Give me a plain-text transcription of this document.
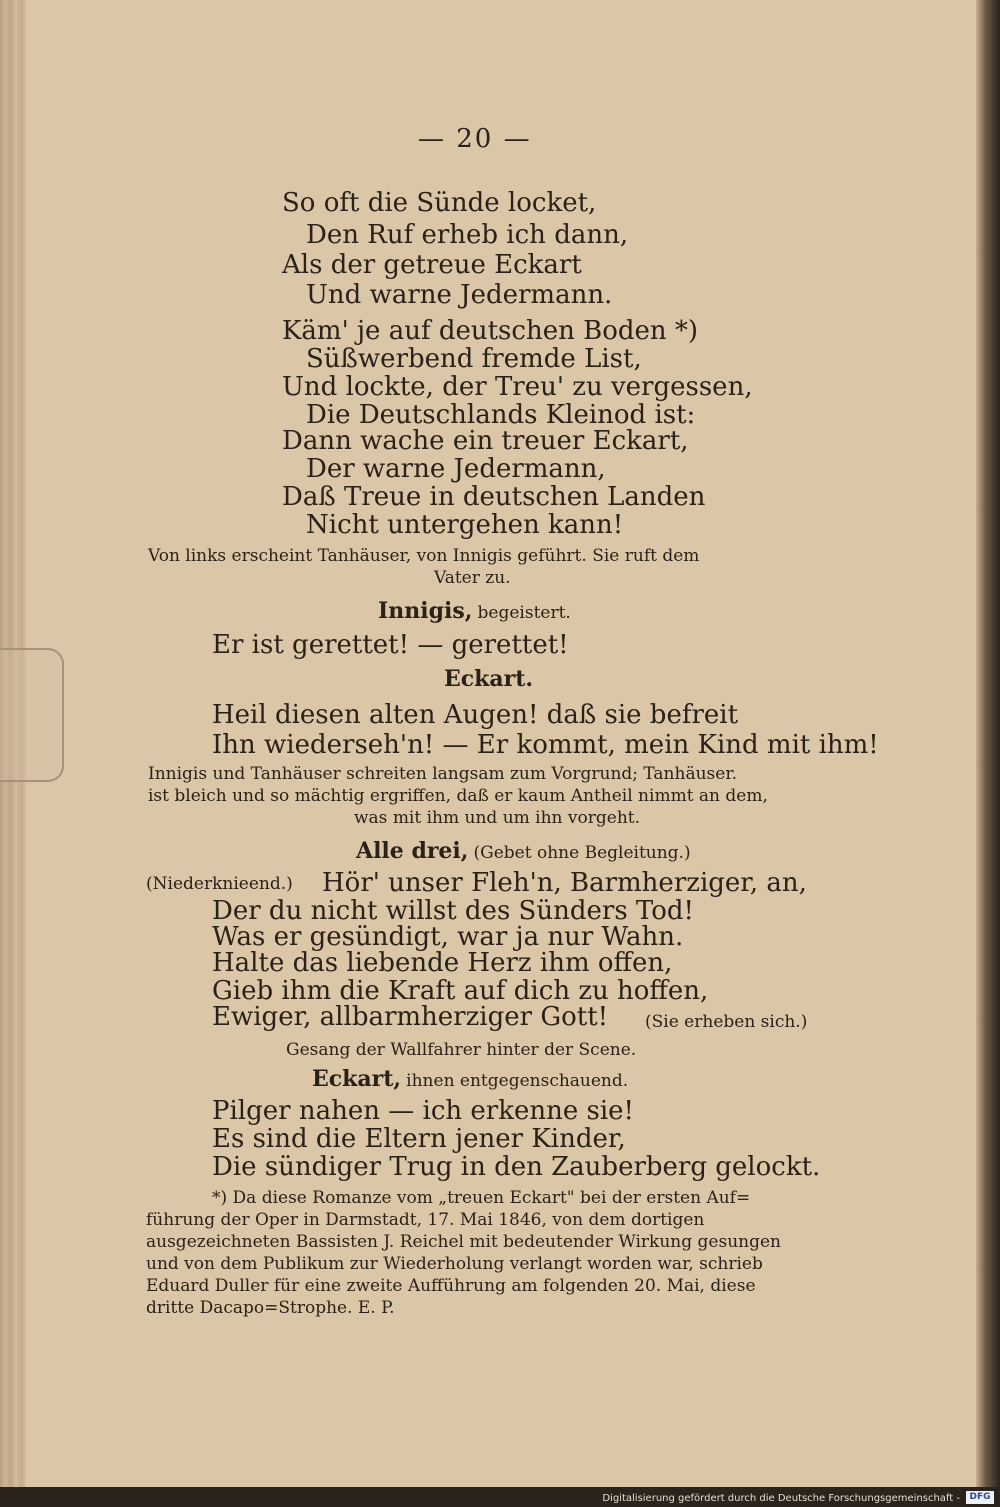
— 20 —
So oft die Sünde locket,
Den Ruf erheb ich dann,
Als der getreue Eckart
Und warne Jedermann.
Käm' je auf deutschen Boden *)
Süßwerbend fremde List,
Und lockte, der Treu' zu vergessen,
Die Deutschlands Kleinod ist:
Dann wache ein treuer Eckart,
Der warne Jedermann,
Daß Treue in deutschen Landen
Nicht untergehen kann!
Von links erscheint Tanhäuser, von Innigis geführt. Sie ruft dem
Vater zu.
Innigis, begeistert.
Er ist gerettet! — gerettet!
Eckart.
Heil diesen alten Augen! daß sie befreit
Ihn wiederseh'n! — Er kommt, mein Kind mit ihm!
Innigis und Tanhäuser schreiten langsam zum Vorgrund; Tanhäuser.
ist bleich und so mächtig ergriffen, daß er kaum Antheil nimmt an dem,
was mit ihm und um ihn vorgeht.
Alle drei, (Gebet ohne Begleitung.)
(Niederknieend.) Hör' unser Fleh'n, Barmherziger, an,
Der du nicht willst des Sünders Tod!
Was er gesündigt, war ja nur Wahn.
Halte das liebende Herz ihm offen,
Gieb ihm die Kraft auf dich zu hoffen,
Ewiger, allbarmherziger Gott! (Sie erheben sich.)
Gesang der Wallfahrer hinter der Scene.
Eckart, ihnen entgegenschauend.
Pilger nahen — ich erkenne sie!
Es sind die Eltern jener Kinder,
Die sündiger Trug in den Zauberberg gelockt.
*) Da diese Romanze vom „treuen Eckart" bei der ersten Auf=
führung der Oper in Darmstadt, 17. Mai 1846, von dem dortigen
ausgezeichneten Bassisten J. Reichel mit bedeutender Wirkung gesungen
und von dem Publikum zur Wiederholung verlangt worden war, schrieb
Eduard Duller für eine zweite Aufführung am folgenden 20. Mai, diese
dritte Dacapo=Strophe. E. P.
Digitalisierung gefördert durch die Deutsche Forschungsgemeinschaft -	DFG
